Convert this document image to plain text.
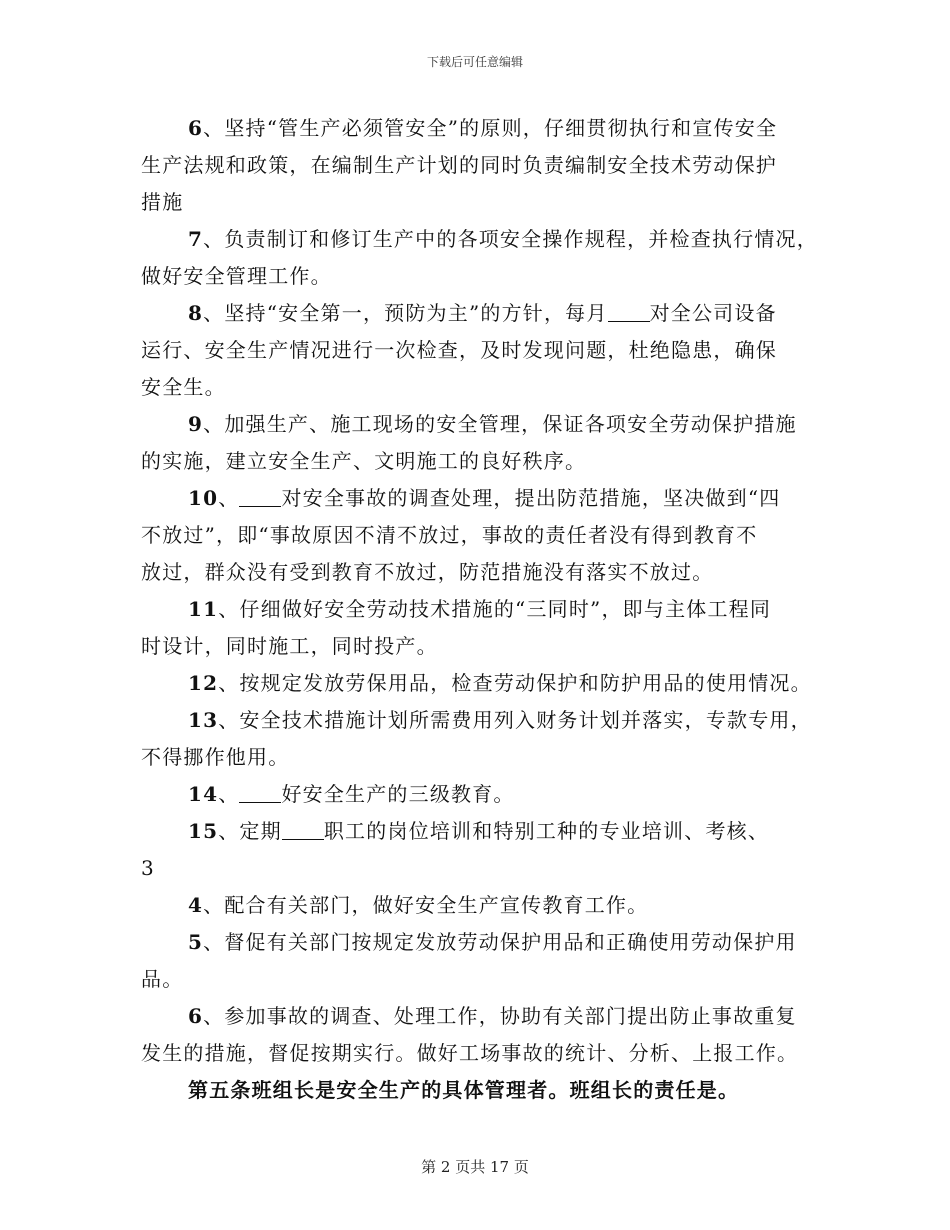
下载后可任意编辑

6、坚持“管生产必须管安全”的原则，仔细贯彻执行和宣传安全
生产法规和政策，在编制生产计划的同时负责编制安全技术劳动保护
措施

7、负责制订和修订生产中的各项安全操作规程，并检查执行情况，
做好安全管理工作。

8、坚持“安全第一，预防为主”的方针，每月 对全公司设备
运行、安全生产情况进行一次检查，及时发现问题，杜绝隐患，确保
安全生。

9、加强生产、施工现场的安全管理，保证各项安全劳动保护措施
的实施，建立安全生产、文明施工的良好秩序。

10、 对安全事故的调查处理，提出防范措施，坚决做到“四
不放过”，即“事故原因不清不放过，事故的责任者没有得到教育不
放过，群众没有受到教育不放过，防范措施没有落实不放过。

11、仔细做好安全劳动技术措施的“三同时”，即与主体工程同
时设计，同时施工，同时投产。

12、按规定发放劳保用品，检查劳动保护和防护用品的使用情况。

13、安全技术措施计划所需费用列入财务计划并落实，专款专用，
不得挪作他用。

14、 好安全生产的三级教育。

15、定期 职工的岗位培训和特别工种的专业培训、考核、

3

4、配合有关部门，做好安全生产宣传教育工作。

5、督促有关部门按规定发放劳动保护用品和正确使用劳动保护用
品。

6、参加事故的调查、处理工作，协助有关部门提出防止事故重复
发生的措施，督促按期实行。做好工场事故的统计、分析、上报工作。

第五条班组长是安全生产的具体管理者。班组长的责任是。

第 2 页共 17 页
